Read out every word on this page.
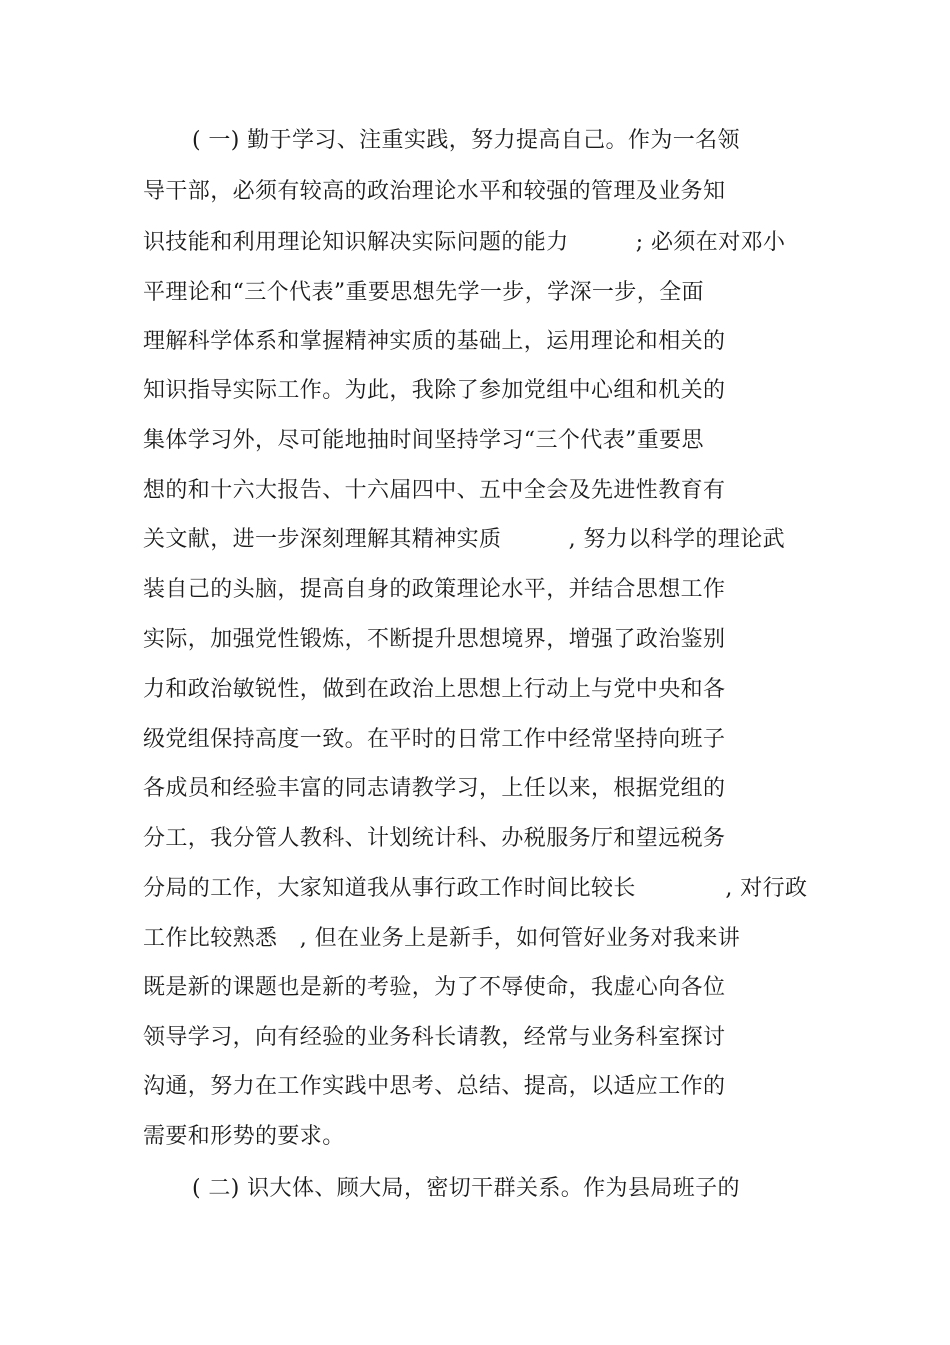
( 一) 勤于学习、注重实践，努力提高自己。作为一名领
导干部，必须有较高的政治理论水平和较强的管理及业务知
识技能和利用理论知识解决实际问题的能力　　　; 必须在对邓小
平理论和“三个代表”重要思想先学一步，学深一步，全面
理解科学体系和掌握精神实质的基础上，运用理论和相关的
知识指导实际工作。为此，我除了参加党组中心组和机关的
集体学习外，尽可能地抽时间坚持学习“三个代表”重要思
想的和十六大报告、十六届四中、五中全会及先进性教育有
关文献，进一步深刻理解其精神实质　　　, 努力以科学的理论武
装自己的头脑，提高自身的政策理论水平，并结合思想工作
实际，加强党性锻炼，不断提升思想境界，增强了政治鉴别
力和政治敏锐性，做到在政治上思想上行动上与党中央和各
级党组保持高度一致。在平时的日常工作中经常坚持向班子
各成员和经验丰富的同志请教学习，上任以来，根据党组的
分工，我分管人教科、计划统计科、办税服务厅和望远税务
分局的工作，大家知道我从事行政工作时间比较长　　　　, 对行政
工作比较熟悉　, 但在业务上是新手，如何管好业务对我来讲
既是新的课题也是新的考验，为了不辱使命，我虚心向各位
领导学习，向有经验的业务科长请教，经常与业务科室探讨
沟通，努力在工作实践中思考、总结、提高，以适应工作的
需要和形势的要求。
( 二) 识大体、顾大局，密切干群关系。作为县局班子的
